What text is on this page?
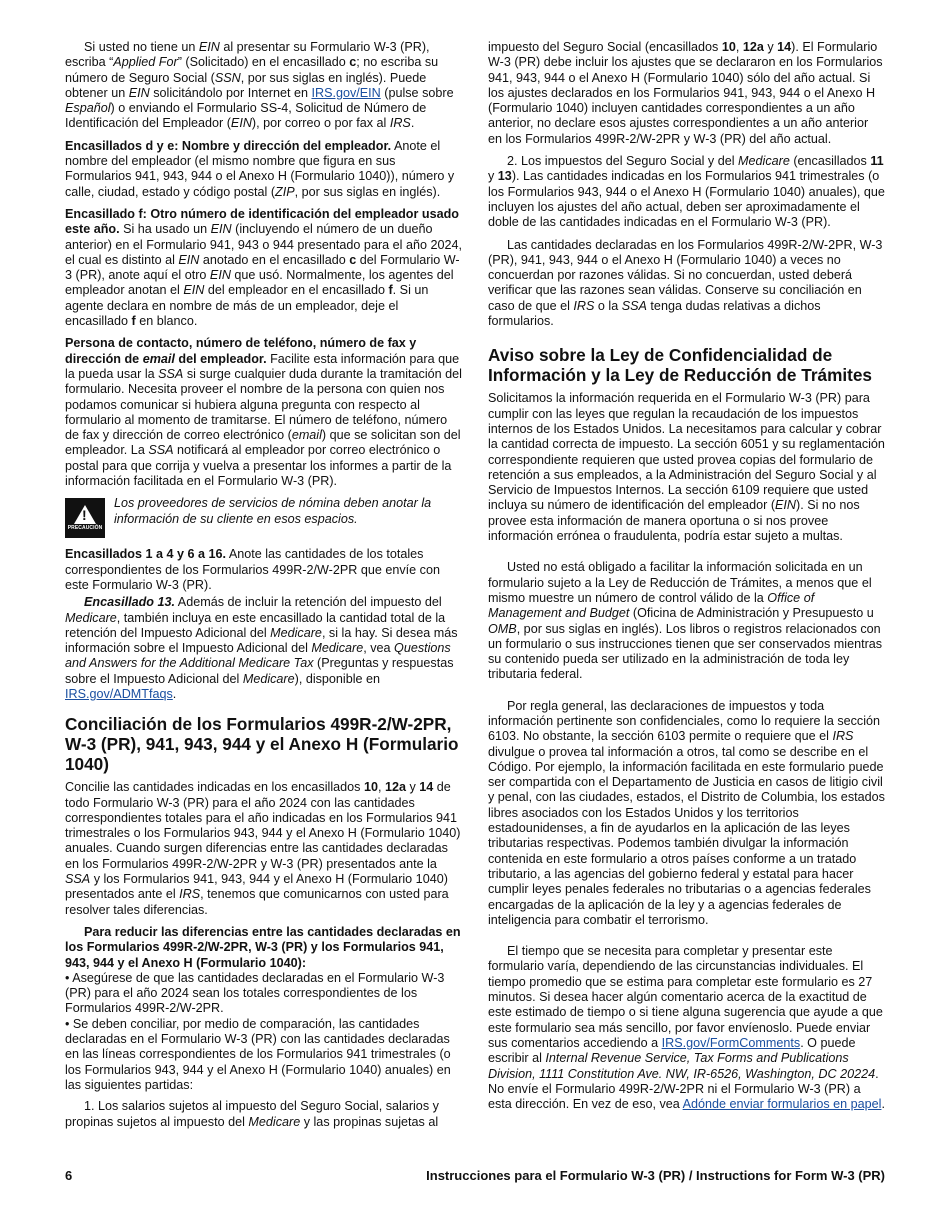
Si usted no tiene un EIN al presentar su Formulario W-3 (PR), escriba “Applied For” (Solicitado) en el encasillado c; no escriba su número de Seguro Social (SSN, por sus siglas en inglés). Puede obtener un EIN solicitándolo por Internet en IRS.gov/EIN (pulse sobre Español) o enviando el Formulario SS-4, Solicitud de Número de Identificación del Empleador (EIN), por correo o por fax al IRS.

Encasillados d y e: Nombre y dirección del empleador. Anote el nombre del empleador (el mismo nombre que figura en sus Formularios 941, 943, 944 o el Anexo H (Formulario 1040)), número y calle, ciudad, estado y código postal (ZIP, por sus siglas en inglés).

Encasillado f: Otro número de identificación del empleador usado este año. Si ha usado un EIN (incluyendo el número de un dueño anterior) en el Formulario 941, 943 o 944 presentado para el año 2024, el cual es distinto al EIN anotado en el encasillado c del Formulario W-3 (PR), anote aquí el otro EIN que usó. Normalmente, los agentes del empleador anotan el EIN del empleador en el encasillado f. Si un agente declara en nombre de más de un empleador, deje el encasillado f en blanco.

Persona de contacto, número de teléfono, número de fax y dirección de email del empleador. Facilite esta información para que la pueda usar la SSA si surge cualquier duda durante la tramitación del formulario. Necesita proveer el nombre de la persona con quien nos podamos comunicar si hubiera alguna pregunta con respecto al formulario al momento de tramitarse. El número de teléfono, número de fax y dirección de correo electrónico (email) que se solicitan son del empleador. La SSA notificará al empleador por correo electrónico o postal para que corrija y vuelva a presentar los informes a partir de la información facilitada en el Formulario W-3 (PR).

!
PRECAUCIÓN
Los proveedores de servicios de nómina deben anotar la información de su cliente en esos espacios.

Encasillados 1 a 4 y 6 a 16. Anote las cantidades de los totales correspondientes de los Formularios 499R-2/W-2PR que envíe con este Formulario W-3 (PR).

Encasillado 13. Además de incluir la retención del impuesto del Medicare, también incluya en este encasillado la cantidad total de la retención del Impuesto Adicional del Medicare, si la hay. Si desea más información sobre el Impuesto Adicional del Medicare, vea Questions and Answers for the Additional Medicare Tax (Preguntas y respuestas sobre el Impuesto Adicional del Medicare), disponible en IRS.gov/ADMTfaqs.

Conciliación de los Formularios 499R-2/W-2PR, W-3 (PR), 941, 943, 944 y el Anexo H (Formulario 1040)

Concilie las cantidades indicadas en los encasillados 10, 12a y 14 de todo Formulario W-3 (PR) para el año 2024 con las cantidades correspondientes totales para el año indicadas en los Formularios 941 trimestrales o los Formularios 943, 944 y el Anexo H (Formulario 1040) anuales. Cuando surgen diferencias entre las cantidades declaradas en los Formularios 499R-2/W-2PR y W-3 (PR) presentados ante la SSA y los Formularios 941, 943, 944 y el Anexo H (Formulario 1040) presentados ante el IRS, tenemos que comunicarnos con usted para resolver tales diferencias.

Para reducir las diferencias entre las cantidades declaradas en los Formularios 499R-2/W-2PR, W-3 (PR) y los Formularios 941, 943, 944 y el Anexo H (Formulario 1040):

• Asegúrese de que las cantidades declaradas en el Formulario W-3 (PR) para el año 2024 sean los totales correspondientes de los Formularios 499R-2/W-2PR.

• Se deben conciliar, por medio de comparación, las cantidades declaradas en el Formulario W-3 (PR) con las cantidades declaradas en las líneas correspondientes de los Formularios 941 trimestrales (o los Formularios 943, 944 y el Anexo H (Formulario 1040) anuales) en las siguientes partidas:

1. Los salarios sujetos al impuesto del Seguro Social, salarios y propinas sujetos al impuesto del Medicare y las propinas sujetas al

impuesto del Seguro Social (encasillados 10, 12a y 14). El Formulario W-3 (PR) debe incluir los ajustes que se declararon en los Formularios 941, 943, 944 o el Anexo H (Formulario 1040) sólo del año actual. Si los ajustes declarados en los Formularios 941, 943, 944 o el Anexo H (Formulario 1040) incluyen cantidades correspondientes a un año anterior, no declare esos ajustes correspondientes a un año anterior en los Formularios 499R-2/W-2PR y W-3 (PR) del año actual.

2. Los impuestos del Seguro Social y del Medicare (encasillados 11 y 13). Las cantidades indicadas en los Formularios 941 trimestrales (o los Formularios 943, 944 o el Anexo H (Formulario 1040) anuales), que incluyen los ajustes del año actual, deben ser aproximadamente el doble de las cantidades indicadas en el Formulario W-3 (PR).

Las cantidades declaradas en los Formularios 499R-2/W-2PR, W-3 (PR), 941, 943, 944 o el Anexo H (Formulario 1040) a veces no concuerdan por razones válidas. Si no concuerdan, usted deberá verificar que las razones sean válidas. Conserve su conciliación en caso de que el IRS o la SSA tenga dudas relativas a dichos formularios.

Aviso sobre la Ley de Confidencialidad de Información y la Ley de Reducción de Trámites

Solicitamos la información requerida en el Formulario W-3 (PR) para cumplir con las leyes que regulan la recaudación de los impuestos internos de los Estados Unidos. La necesitamos para calcular y cobrar la cantidad correcta de impuesto. La sección 6051 y su reglamentación correspondiente requieren que usted provea copias del formulario de retención a sus empleados, a la Administración del Seguro Social y al Servicio de Impuestos Internos. La sección 6109 requiere que usted incluya su número de identificación del empleador (EIN). Si no nos provee esta información de manera oportuna o si nos provee información errónea o fraudulenta, podría estar sujeto a multas.

Usted no está obligado a facilitar la información solicitada en un formulario sujeto a la Ley de Reducción de Trámites, a menos que el mismo muestre un número de control válido de la Office of Management and Budget (Oficina de Administración y Presupuesto u OMB, por sus siglas en inglés). Los libros o registros relacionados con un formulario o sus instrucciones tienen que ser conservados mientras su contenido pueda ser utilizado en la administración de toda ley tributaria federal.

Por regla general, las declaraciones de impuestos y toda información pertinente son confidenciales, como lo requiere la sección 6103. No obstante, la sección 6103 permite o requiere que el IRS divulgue o provea tal información a otros, tal como se describe en el Código. Por ejemplo, la información facilitada en este formulario puede ser compartida con el Departamento de Justicia en casos de litigio civil y penal, con las ciudades, estados, el Distrito de Columbia, los estados libres asociados con los Estados Unidos y los territorios estadounidenses, a fin de ayudarlos en la aplicación de las leyes tributarias respectivas. Podemos también divulgar la información contenida en este formulario a otros países conforme a un tratado tributario, a las agencias del gobierno federal y estatal para hacer cumplir leyes penales federales no tributarias o a agencias federales encargadas de la aplicación de la ley y a agencias federales de inteligencia para combatir el terrorismo.

El tiempo que se necesita para completar y presentar este formulario varía, dependiendo de las circunstancias individuales. El tiempo promedio que se estima para completar este formulario es 27 minutos. Si desea hacer algún comentario acerca de la exactitud de este estimado de tiempo o si tiene alguna sugerencia que ayude a que este formulario sea más sencillo, por favor envíenoslo. Puede enviar sus comentarios accediendo a IRS.gov/FormComments. O puede escribir al Internal Revenue Service, Tax Forms and Publications Division, 1111 Constitution Ave. NW, IR-6526, Washington, DC 20224. No envíe el Formulario 499R-2/W-2PR ni el Formulario W-3 (PR) a esta dirección. En vez de eso, vea Adónde enviar formularios en papel.

6	Instrucciones para el Formulario W-3 (PR) / Instructions for Form W-3 (PR)
